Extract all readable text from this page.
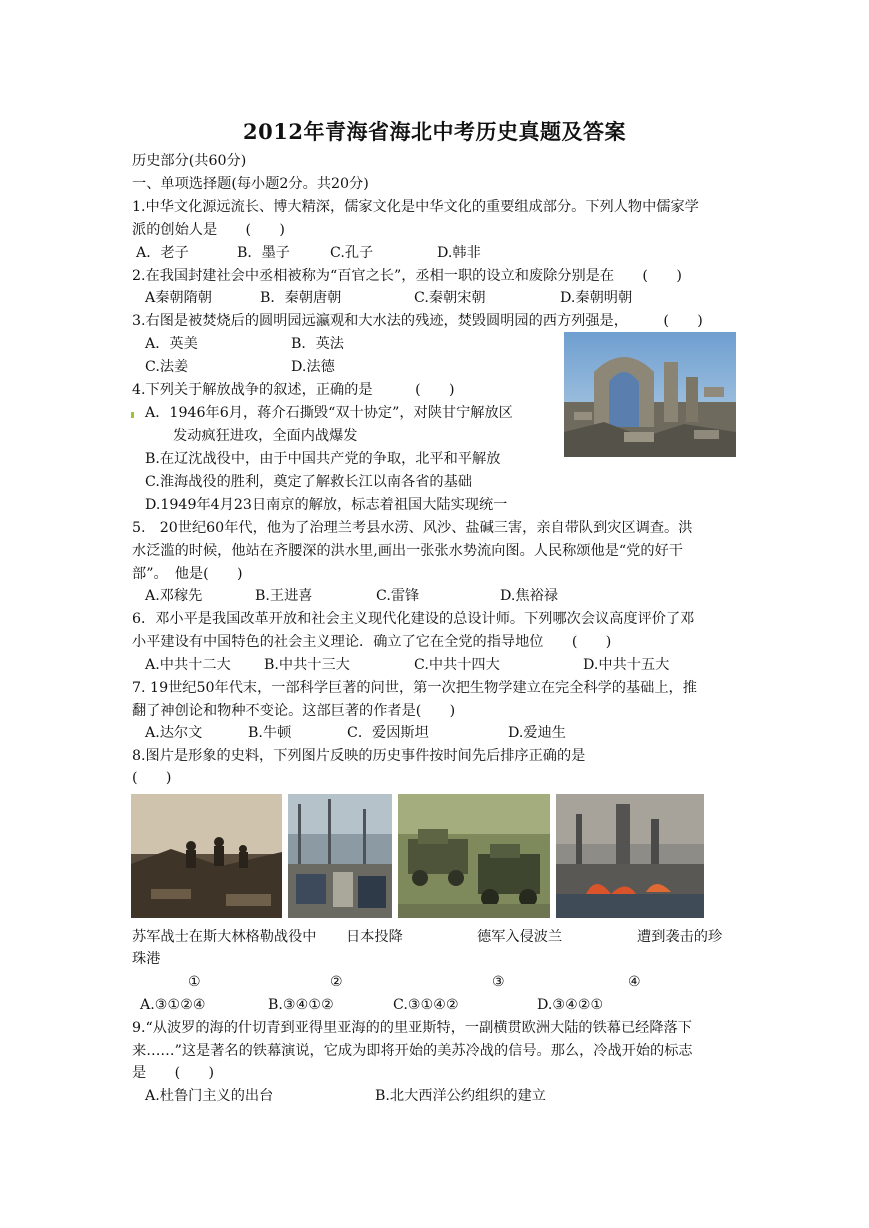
2012年青海省海北中考历史真题及答案
历史部分(共60分)
一、单项选择题(每小题2分。共20分)
1.中华文化源远流长、博大精深，儒家文化是中华文化的重要组成部分。下列人物中儒家学
派的创始人是　　(　　)
A．老子	B．墨子	C.孔子	D.韩非
2.在我国封建社会中丞相被称为“百官之长”，丞相一职的设立和废除分别是在　　(　　)
A秦朝隋朝	B．秦朝唐朝	C.秦朝宋朝	D.秦朝明朝
3.右图是被焚烧后的圆明园远瀛观和大水法的残迹，焚毁圆明园的西方列强是，　　　(　　)
A．英美	B．英法
C.法姜	D.法德
4.下列关于解放战争的叙述，正确的是　　　(　　)
A．1946年6月，蒋介石撕毁“双十协定”，对陕甘宁解放区
发动疯狂进攻，全面内战爆发
B.在辽沈战役中，由于中国共产党的争取，北平和平解放
C.淮海战役的胜利，奠定了解救长江以南各省的基础
D.1949年4月23日南京的解放，标志着祖国大陆实现统一
5.　20世纪60年代，他为了治理兰考县水涝、风沙、盐碱三害，亲自带队到灾区调查。洪
水泛滥的时候，他站在齐腰深的洪水里,画出一张张水势流向图。人民称颂他是“党的好干
部”。　他是(　　)
A.邓稼先	B.王进喜	C.雷锋	D.焦裕禄
6．邓小平是我国改革开放和社会主义现代化建设的总设计师。下列哪次会议高度评价了邓
小平建设有中国特色的社会主义理论．确立了它在全党的指导地位　　(　　)
A.中共十二大 B.中共十三大	C.中共十四大	D.中共十五大
7. 19世纪50年代末，一部科学巨著的问世，第一次把生物学建立在完全科学的基础上，推
翻了神创论和物种不变论。这部巨著的作者是(　　)
A.达尔文	B.牛顿	C．爱因斯坦	D.爱迪生
8.图片是形象的史料，下列图片反映的历史事件按时间先后排序正确的是
(　　)
苏军战士在斯大林格勒战役中 日本投降	德军入侵波兰	遭到袭击的珍
珠港
①	②	③	④
A.③①②④	B.③④①②	C.③①④②	D.③④②①
9.“从波罗的海的什切青到亚得里亚海的的里亚斯特，一副横贯欧洲大陆的铁幕已经降落下
来……”这是著名的铁幕演说，它成为即将开始的美苏冷战的信号。那么，冷战开始的标志
是　　(　　)
A.杜鲁门主义的出台	B.北大西洋公约组织的建立
